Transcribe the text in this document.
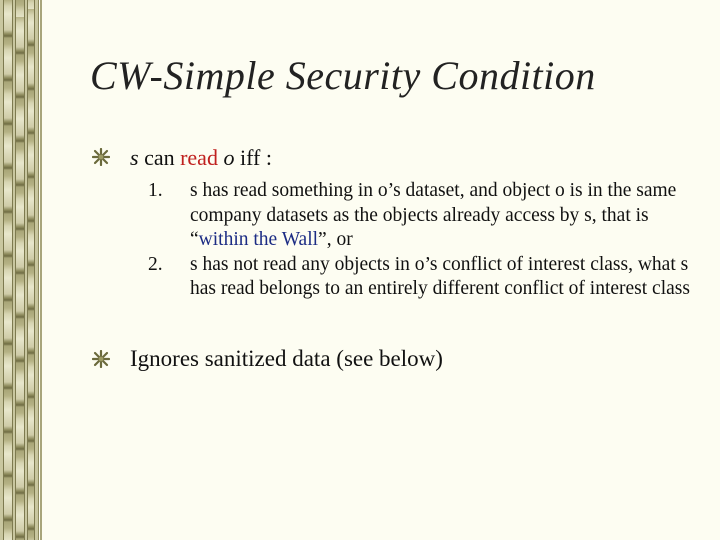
CW-Simple Security Condition
s can read o iff :
1.	s has read something in o’s dataset, and object o is in the same company datasets as the objects already access by s, that is “within the Wall”, or
2.	s has not read any objects in o’s conflict of interest class, what s has read belongs to an entirely different conflict of interest class
Ignores sanitized data (see below)
